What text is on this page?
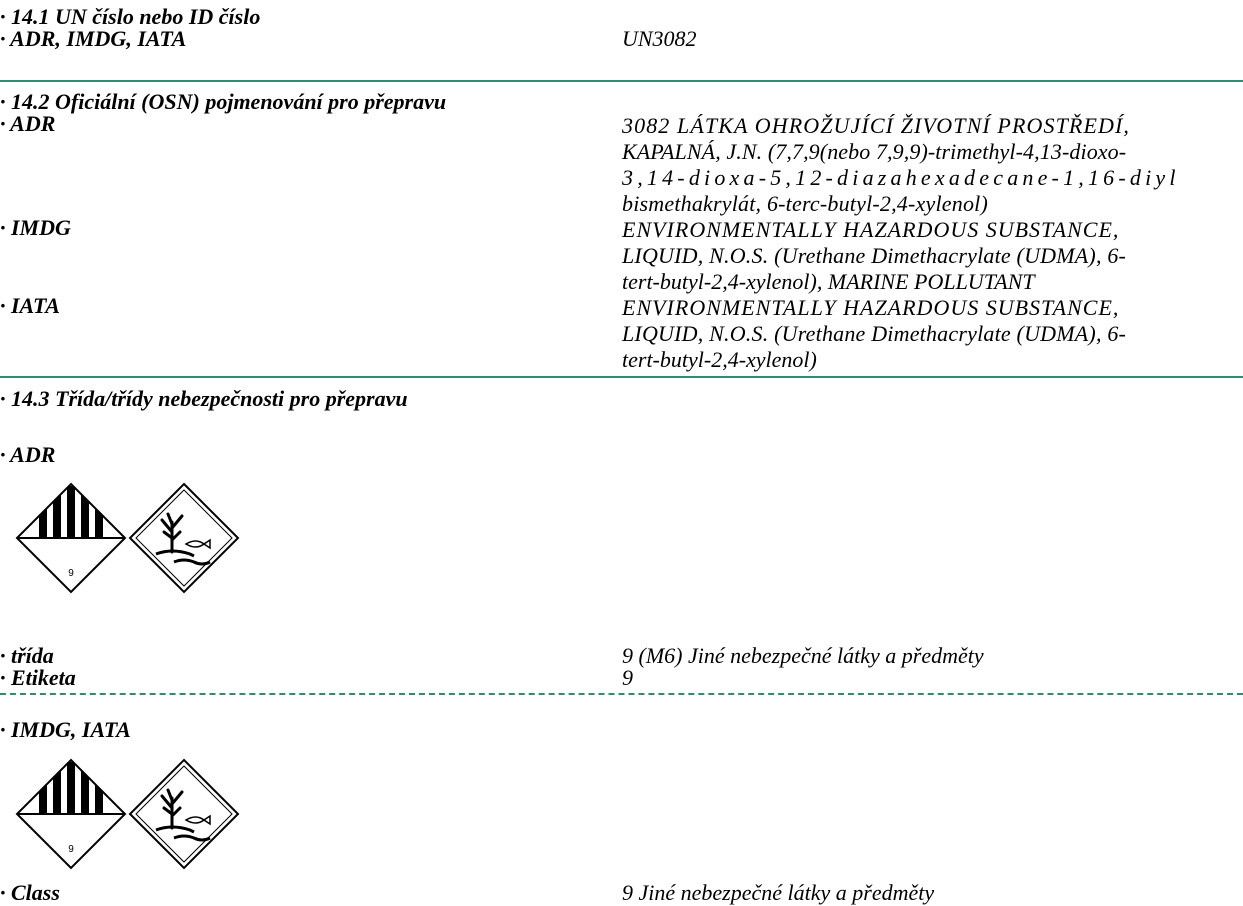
· 14.1 UN číslo nebo ID číslo
· ADR, IMDG, IATA	UN3082
· 14.2 Oficiální (OSN) pojmenování pro přepravu
· ADR	3082 LÁTKA OHROŽUJÍCÍ ŽIVOTNÍ PROSTŘEDÍ,
KAPALNÁ, J.N. (7,7,9(nebo 7,9,9)-trimethyl-4,13-dioxo-
3,14-dioxa-5,12-diazahexadecane-1,16-diyl
bismethakrylát, 6-terc-butyl-2,4-xylenol)
· IMDG	ENVIRONMENTALLY HAZARDOUS SUBSTANCE,
LIQUID, N.O.S. (Urethane Dimethacrylate (UDMA), 6-
tert-butyl-2,4-xylenol), MARINE POLLUTANT
· IATA	ENVIRONMENTALLY HAZARDOUS SUBSTANCE,
LIQUID, N.O.S. (Urethane Dimethacrylate (UDMA), 6-
tert-butyl-2,4-xylenol)
· 14.3 Třída/třídy nebezpečnosti pro přepravu
· ADR
9
· třída	9 (M6) Jiné nebezpečné látky a předměty
· Etiketa	9
· IMDG, IATA
9
· Class	9 Jiné nebezpečné látky a předměty
